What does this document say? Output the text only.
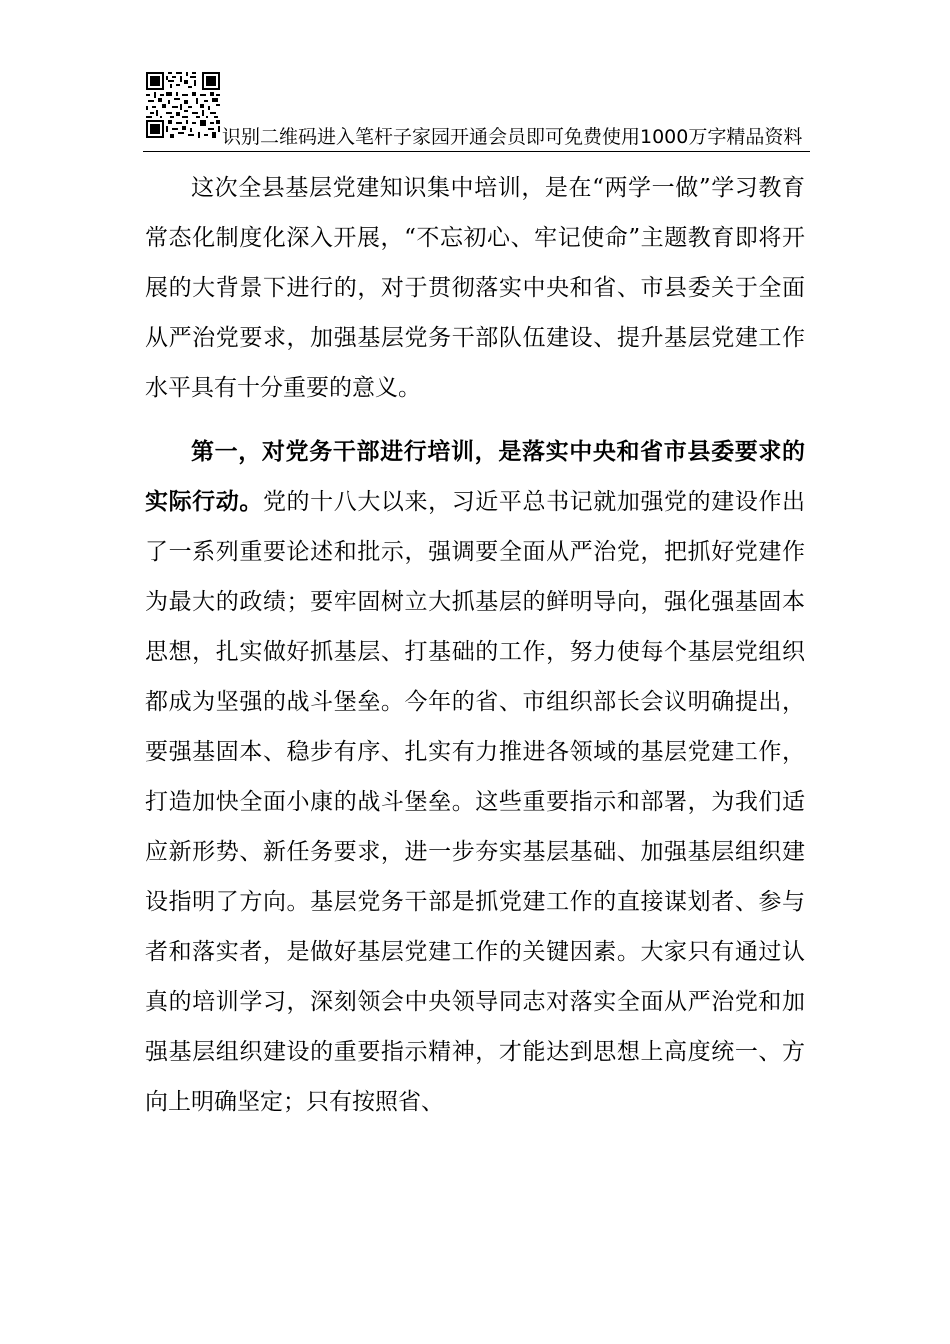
识别二维码进入笔杆子家园开通会员即可免费使用1000万字精品资料

这次全县基层党建知识集中培训，是在“两学一做”学习教育常态化制度化深入开展，“不忘初心、牢记使命”主题教育即将开展的大背景下进行的，对于贯彻落实中央和省、市县委关于全面从严治党要求，加强基层党务干部队伍建设、提升基层党建工作水平具有十分重要的意义。

第一，对党务干部进行培训，是落实中央和省市县委要求的实际行动。党的十八大以来，习近平总书记就加强党的建设作出了一系列重要论述和批示，强调要全面从严治党，把抓好党建作为最大的政绩；要牢固树立大抓基层的鲜明导向，强化强基固本思想，扎实做好抓基层、打基础的工作，努力使每个基层党组织都成为坚强的战斗堡垒。今年的省、市组织部长会议明确提出，要强基固本、稳步有序、扎实有力推进各领域的基层党建工作，打造加快全面小康的战斗堡垒。这些重要指示和部署，为我们适应新形势、新任务要求，进一步夯实基层基础、加强基层组织建设指明了方向。基层党务干部是抓党建工作的直接谋划者、参与者和落实者，是做好基层党建工作的关键因素。大家只有通过认真的培训学习，深刻领会中央领导同志对落实全面从严治党和加强基层组织建设的重要指示精神，才能达到思想上高度统一、方向上明确坚定；只有按照省、
